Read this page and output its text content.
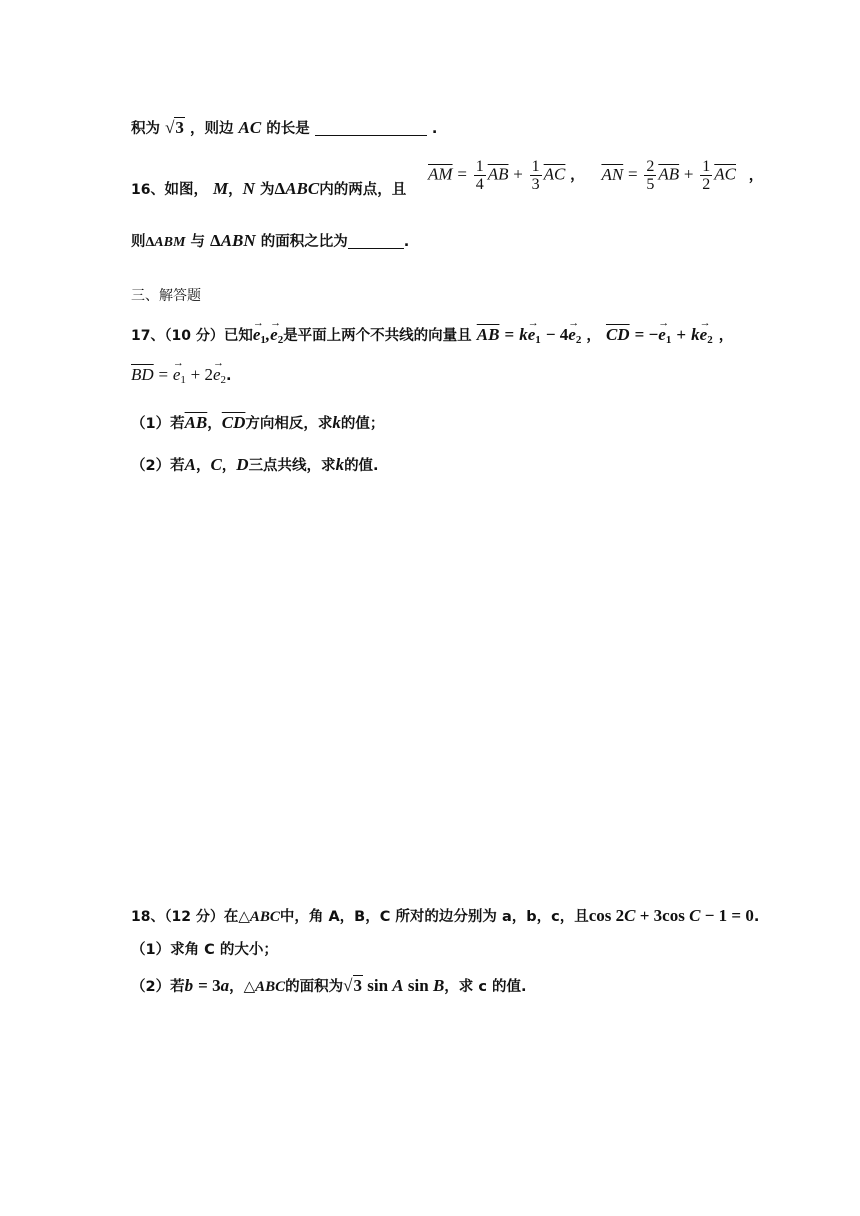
积为 √3 ，则边 AC 的长是	.
16、如图， M，N 为ΔABC内的两点，且
$\overline{AM} = \frac{1}{4} \overline{AB} + \frac{1}{3} \overline{AC}$ ， $\overline{AN} = \frac{2}{5} \overline{AB} + \frac{1}{2} \overline{AC}$ ，
则ΔABM 与 ΔABN 的面积之比为	.
三、解答题
17、（10 分）已知→ $e_1,\to e_2$是平面上两个不共线的向量且 $\overline{AB} = k\to e_1 - 4\to e_2$ ， $\overline{CD}$ = −→ $e_1 + k\to e_2$ ，
$\overline{BD}$ = → $e_1 + 2\to e_2$.
（1）若$\overline{AB}$，$\overline{CD}$方向相反，求k的值；
（2）若A，C，D三点共线，求k的值.
18、（12 分）在△ABC中，角 A，B，C 所对的边分别为 a，b，c，且cos 2C + 3cos C − 1 = 0.
（1）求角 C 的大小；
（2）若b = 3a，△ABC的面积为√3 sin A sin B，求 c 的值.
